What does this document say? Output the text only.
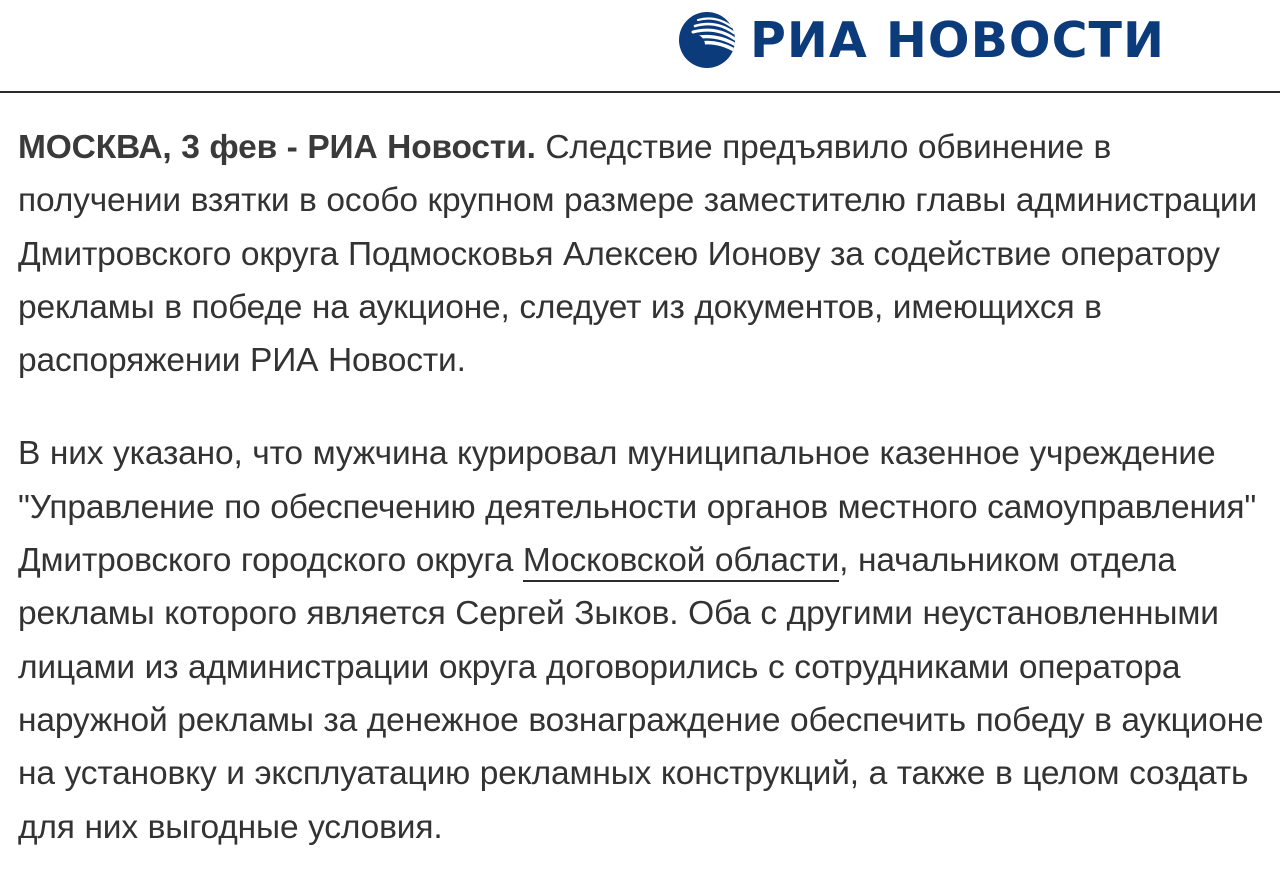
РИА НОВОСТИ

МОСКВА, 3 фев - РИА Новости. Следствие предъявило обвинение в получении взятки в особо крупном размере заместителю главы администрации Дмитровского округа Подмосковья Алексею Ионову за содействие оператору рекламы в победе на аукционе, следует из документов, имеющихся в распоряжении РИА Новости.

В них указано, что мужчина курировал муниципальное казенное учреждение "Управление по обеспечению деятельности органов местного самоуправления" Дмитровского городского округа Московской области, начальником отдела рекламы которого является Сергей Зыков. Оба с другими неустановленными лицами из администрации округа договорились с сотрудниками оператора наружной рекламы за денежное вознаграждение обеспечить победу в аукционе на установку и эксплуатацию рекламных конструкций, а также в целом создать для них выгодные условия.
